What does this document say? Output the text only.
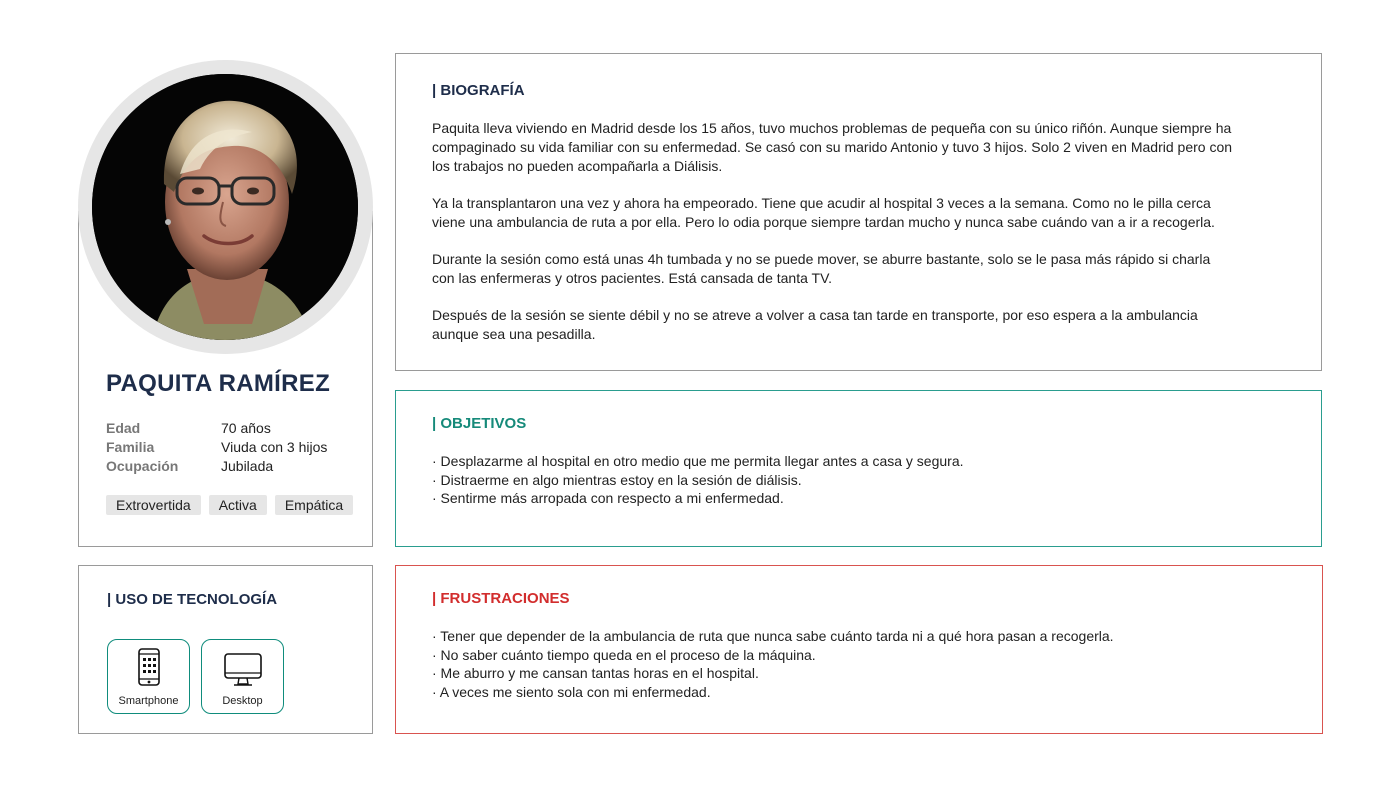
PAQUITA RAMÍREZ
Edad	70 años
Familia	Viuda con 3 hijos
Ocupación	Jubilada
Extrovertida	Activa	Empática
| USO DE TECNOLOGÍA
Smartphone	Desktop
| BIOGRAFÍA

Paquita lleva viviendo en Madrid desde los 15 años, tuvo muchos problemas de pequeña con su único riñón. Aunque siempre ha compaginado su vida familiar con su enfermedad. Se casó con su marido Antonio y tuvo 3 hijos. Solo 2 viven en Madrid pero con los trabajos no pueden acompañarla a Diálisis.

Ya la transplantaron una vez y ahora ha empeorado. Tiene que acudir al hospital 3 veces a la semana. Como no le pilla cerca viene una ambulancia de ruta a por ella. Pero lo odia porque siempre tardan mucho y nunca sabe cuándo van a ir a recogerla.

Durante la sesión como está unas 4h tumbada y no se puede mover, se aburre bastante, solo se le pasa más rápido si charla con las enfermeras y otros pacientes. Está cansada de tanta TV.

Después de la sesión se siente débil y no se atreve a volver a casa tan tarde en transporte, por eso espera a la ambulancia aunque sea una pesadilla.

| OBJETIVOS
· Desplazarme al hospital en otro medio que me permita llegar antes a casa y segura.
· Distraerme en algo mientras estoy en la sesión de diálisis.
· Sentirme más arropada con respecto a mi enfermedad.
| FRUSTRACIONES
· Tener que depender de la ambulancia de ruta que nunca sabe cuánto tarda ni a qué hora pasan a recogerla.
· No saber cuánto tiempo queda en el proceso de la máquina.
· Me aburro y me cansan tantas horas en el hospital.
· A veces me siento sola con mi enfermedad.
